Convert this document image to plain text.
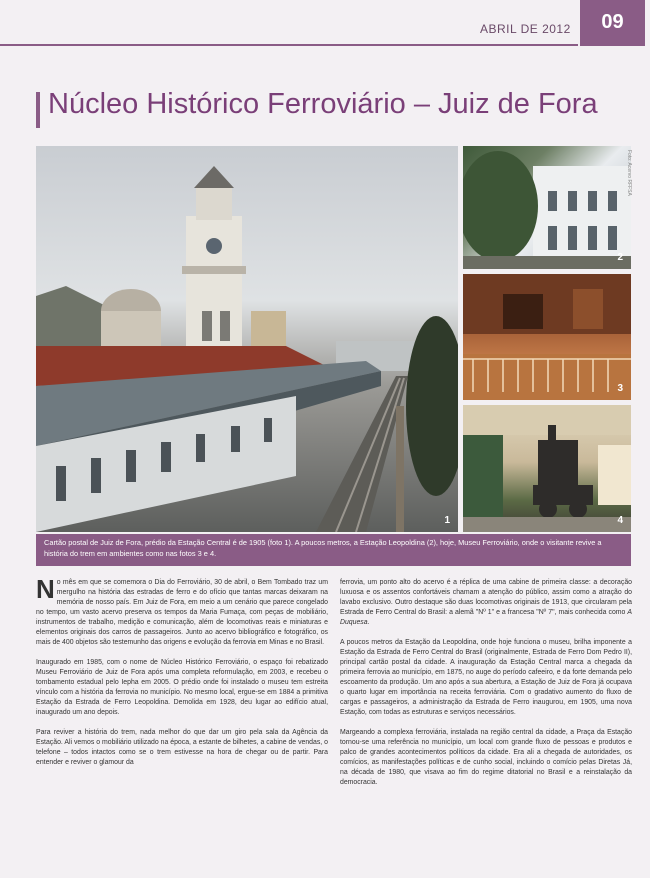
ABRIL DE 2012	09
Núcleo Histórico Ferroviário – Juiz de Fora
1
2
3
4
Foto: Acervo RFFSA
Cartão postal de Juiz de Fora, prédio da Estação Central é de 1905 (foto 1). A poucos metros, a Estação Leopoldina (2), hoje, Museu Ferroviário, onde o visitante revive a história do trem em ambientes como nas fotos 3 e 4.

No mês em que se comemora o Dia do Ferroviário, 30 de abril, o Bem Tombado traz um mergulho na história das estradas de ferro e do ofício que tantas marcas deixaram na memória de nosso país. Em Juiz de Fora, em meio a um cenário que parece congelado no tempo, um vasto acervo preserva os tempos da Maria Fumaça, com peças de mobiliário, instrumentos de trabalho, medição e comunicação, além de locomotivas reais e miniaturas e elementos originais dos carros de passageiros. Junto ao acervo bibliográfico e fotográfico, os mais de 400 objetos são testemunho das origens e evolução da ferrovia em Minas e no Brasil.

Inaugurado em 1985, com o nome de Núcleo Histórico Ferroviário, o espaço foi rebatizado Museu Ferroviário de Juiz de Fora após uma completa reformulação, em 2003, e recebeu o tombamento estadual pelo Iepha em 2005. O prédio onde foi instalado o museu tem estreita vínculo com a história da ferrovia no município. No mesmo local, ergue-se em 1884 a primitiva Estação da Estrada de Ferro Leopoldina. Demolida em 1928, deu lugar ao edifício atual, inaugurado um ano depois.

Para reviver a história do trem, nada melhor do que dar um giro pela sala da Agência da Estação. Ali vemos o mobiliário utilizado na época, a estante de bilhetes, a cabine de vendas, o telefone – todos intactos como se o trem estivesse na hora de chegar ou de partir. Para entender e reviver o glamour da

ferrovia, um ponto alto do acervo é a réplica de uma cabine de primeira classe: a decoração luxuosa e os assentos confortáveis chamam a atenção do público, assim como a atração do lavabo exclusivo. Outro destaque são duas locomotivas originais de 1913, que circularam pela Estrada de Ferro Central do Brasil: a alemã "Nº 1" e a francesa "Nº 7", mais conhecida como A Duquesa.

A poucos metros da Estação da Leopoldina, onde hoje funciona o museu, brilha imponente a Estação da Estrada de Ferro Central do Brasil (originalmente, Estrada de Ferro Dom Pedro II), principal cartão postal da cidade. A inauguração da Estação Central marca a chegada da primeira ferrovia ao município, em 1875, no auge do período cafeeiro, e da forte demanda pelo escoamento da produção. Um ano após a sua abertura, a Estação de Juiz de Fora já ocupava o quarto lugar em importância na receita ferroviária. Com o gradativo aumento do fluxo de cargas e passageiros, a administração da Estrada de Ferro inaugurou, em 1905, uma nova Estação, com todas as estruturas e serviços necessários.

Margeando a complexa ferroviária, instalada na região central da cidade, a Praça da Estação tornou-se uma referência no município, um local com grande fluxo de pessoas e produtos e palco de grandes acontecimentos políticos da cidade. Era ali a chegada de autoridades, os comícios, as manifestações políticas e de cunho social, incluindo o comício pelas Diretas Já, na década de 1980, que visava ao fim do regime ditatorial no Brasil e a reinstalação da democracia.
